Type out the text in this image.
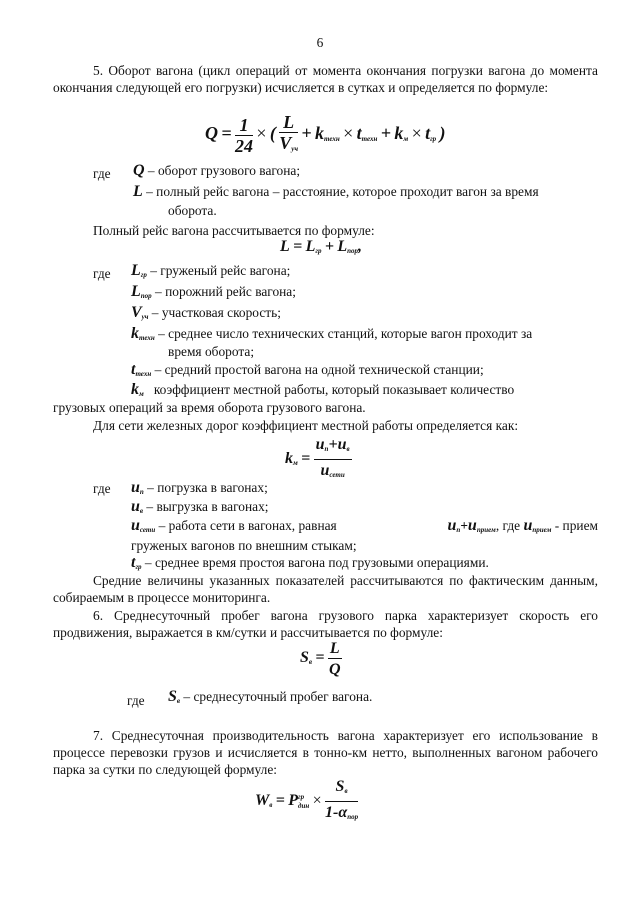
6
5. Оборот вагона (цикл операций от момента окончания погрузки вагона до момента окончания следующей его погрузки) исчисляется в сутках и определяется по формуле:
$Q = \frac{1}{24}$ × ( $\frac{L}{V_{уч}} + k_{техн} \times t_{техн} + k_м \times t_{гр}$ )
где Q – оборот грузового вагона;
L – полный рейс вагона – расстояние, которое проходит вагон за время
оборота.
Полный рейс вагона рассчитывается по формуле:
$L = L_{гр} + L_{пор}$,
где $L_{гр}$ – груженый рейс вагона;
$L_{пор}$ – порожний рейс вагона;
$V_{уч}$ – участковая скорость;
$k_{техн}$ – среднее число технических станций, которые вагон проходит за
время оборота;
$t_{техн}$ – средний простой вагона на одной технической станции;
$k_м$   коэффициент местной работы, который показывает количество
грузовых операций за время оборота грузового вагона.
Для сети железных дорог коэффициент местной работы определяется как:
$k_м = \frac{u_п+u_в}{u_{сети}}$
где $u_п$ – погрузка в вагонах;
$u_в$ – выгрузка в вагонах;
$u_{сети}$ – работа сети в вагонах, равная	$u_п+u_{прием}$, где $u_{прием}$ - прием
груженых вагонов по внешним стыкам;
$t_{гр}$ – среднее время простоя вагона под грузовыми операциями.
Средние величины указанных показателей рассчитываются по фактическим данным, собираемым в процессе мониторинга.
6. Среднесуточный пробег вагона грузового парка характеризует скорость его продвижения, выражается в км/сутки и рассчитывается по формуле:
$S_в = \frac{L}{Q}$
где $S_в$ – среднесуточный пробег вагона.
7. Среднесуточная производительность вагона характеризует его использование в процессе перевозки грузов и исчисляется в тонно-км нетто, выполненных вагоном рабочего парка за сутки по следующей формуле:
$W_в = P$ гр
дин × $\frac{S_в}{1-\alpha_{пор}}$
